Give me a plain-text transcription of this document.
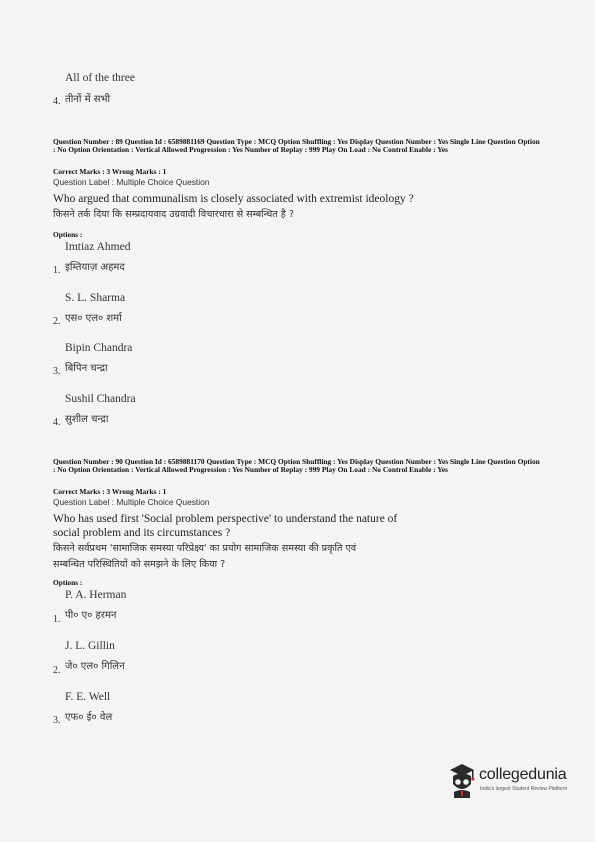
All of the three
4. तीनों में सभी
Question Number : 89 Question Id : 6589881169 Question Type : MCQ Option Shuffling : Yes Display Question Number : Yes Single Line Question Option : No Option Orientation : Vertical Allowed Progression : Yes Number of Replay : 999 Play On Load : No Control Enable : Yes
Correct Marks : 3 Wrong Marks : 1
Question Label : Multiple Choice Question
Who argued that communalism is closely associated with extremist ideology ?
किसने तर्क दिया कि सम्प्रदायवाद उग्रवादी विचारधारा से सम्बन्धित है ?
Options :
Imtiaz Ahmed
1. इम्तियाज़ अहमद
S. L. Sharma
2. एस० एल० शर्मा
Bipin Chandra
3. बिपिन चन्द्रा
Sushil Chandra
4. सुशील चन्द्रा
Question Number : 90 Question Id : 6589881170 Question Type : MCQ Option Shuffling : Yes Display Question Number : Yes Single Line Question Option : No Option Orientation : Vertical Allowed Progression : Yes Number of Replay : 999 Play On Load : No Control Enable : Yes
Correct Marks : 3 Wrong Marks : 1
Question Label : Multiple Choice Question
Who has used first 'Social problem perspective' to understand the nature of
social problem and its circumstances ?
किसने सर्वप्रथम 'सामाजिक समस्या परिप्रेक्ष्य' का प्रयोग सामाजिक समस्या की प्रकृति एवं
सम्बन्धित परिस्थितियों को समझने के लिए किया ?
Options :
P. A. Herman
1. पी० ए० हरमन
J. L. Gillin
2. जे० एल० गिलिन
F. E. Well
3. एफ० ई० वेल
collegedunia
India's largest Student Review Platform
